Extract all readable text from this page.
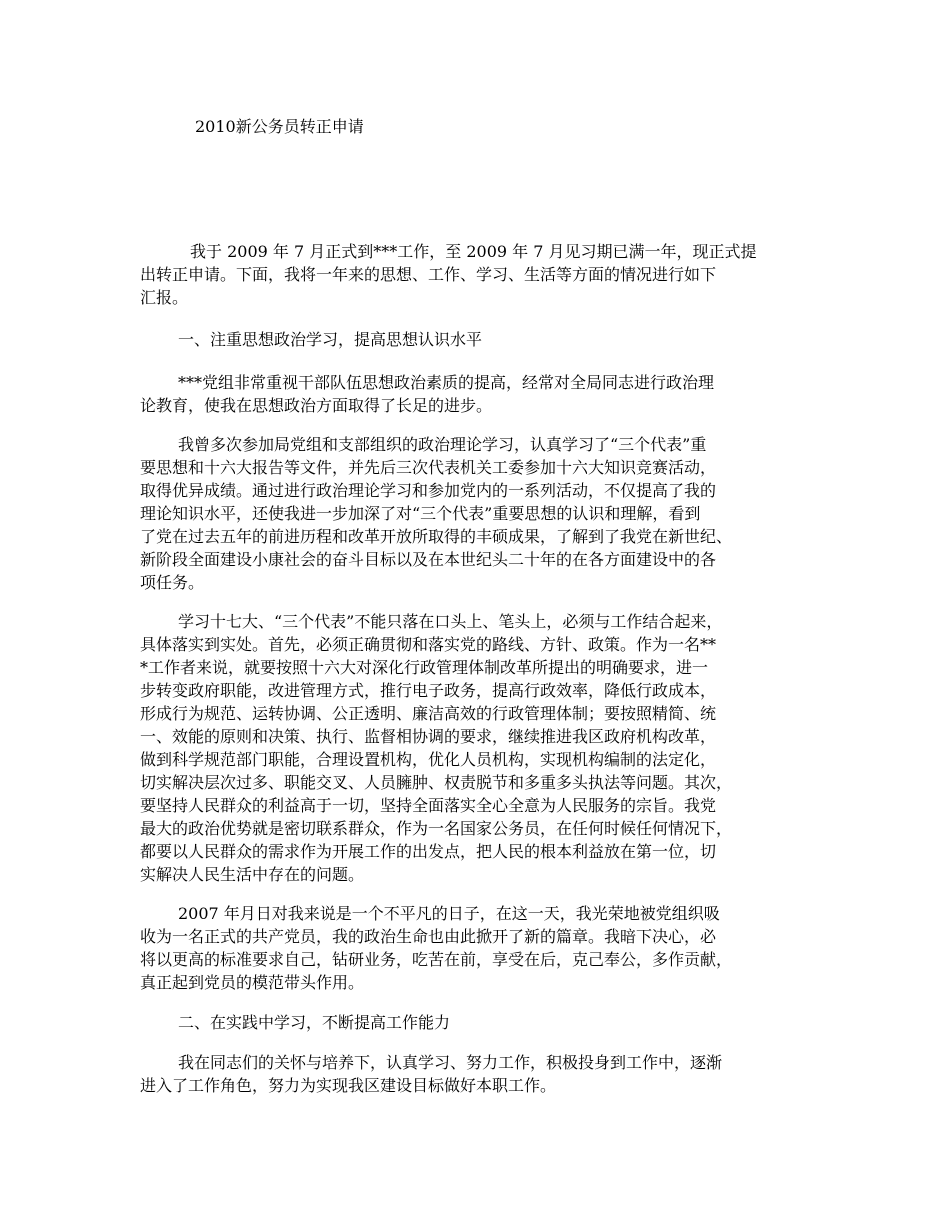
2010新公务员转正申请
我于 2009 年 7 月正式到***工作，至 2009 年 7 月见习期已满一年，现正式提
出转正申请。下面，我将一年来的思想、工作、学习、生活等方面的情况进行如下
汇报。
一、注重思想政治学习，提高思想认识水平
***党组非常重视干部队伍思想政治素质的提高，经常对全局同志进行政治理
论教育，使我在思想政治方面取得了长足的进步。
我曾多次参加局党组和支部组织的政治理论学习，认真学习了“三个代表”重
要思想和十六大报告等文件，并先后三次代表机关工委参加十六大知识竞赛活动，
取得优异成绩。通过进行政治理论学习和参加党内的一系列活动，不仅提高了我的
理论知识水平，还使我进一步加深了对“三个代表”重要思想的认识和理解，看到
了党在过去五年的前进历程和改革开放所取得的丰硕成果，了解到了我党在新世纪、
新阶段全面建设小康社会的奋斗目标以及在本世纪头二十年的在各方面建设中的各
项任务。
学习十七大、“三个代表”不能只落在口头上、笔头上，必须与工作结合起来，
具体落实到实处。首先，必须正确贯彻和落实党的路线、方针、政策。作为一名**
*工作者来说，就要按照十六大对深化行政管理体制改革所提出的明确要求，进一
步转变政府职能，改进管理方式，推行电子政务，提高行政效率，降低行政成本，
形成行为规范、运转协调、公正透明、廉洁高效的行政管理体制；要按照精简、统
一、效能的原则和决策、执行、监督相协调的要求，继续推进我区政府机构改革，
做到科学规范部门职能，合理设置机构，优化人员机构，实现机构编制的法定化，
切实解决层次过多、职能交叉、人员臃肿、权责脱节和多重多头执法等问题。其次，
要坚持人民群众的利益高于一切，坚持全面落实全心全意为人民服务的宗旨。我党
最大的政治优势就是密切联系群众，作为一名国家公务员，在任何时候任何情况下，
都要以人民群众的需求作为开展工作的出发点，把人民的根本利益放在第一位，切
实解决人民生活中存在的问题。
2007 年月日对我来说是一个不平凡的日子，在这一天，我光荣地被党组织吸
收为一名正式的共产党员，我的政治生命也由此掀开了新的篇章。我暗下决心，必
将以更高的标准要求自己，钻研业务，吃苦在前，享受在后，克己奉公，多作贡献，
真正起到党员的模范带头作用。
二、在实践中学习，不断提高工作能力
我在同志们的关怀与培养下，认真学习、努力工作，积极投身到工作中，逐渐
进入了工作角色，努力为实现我区建设目标做好本职工作。
